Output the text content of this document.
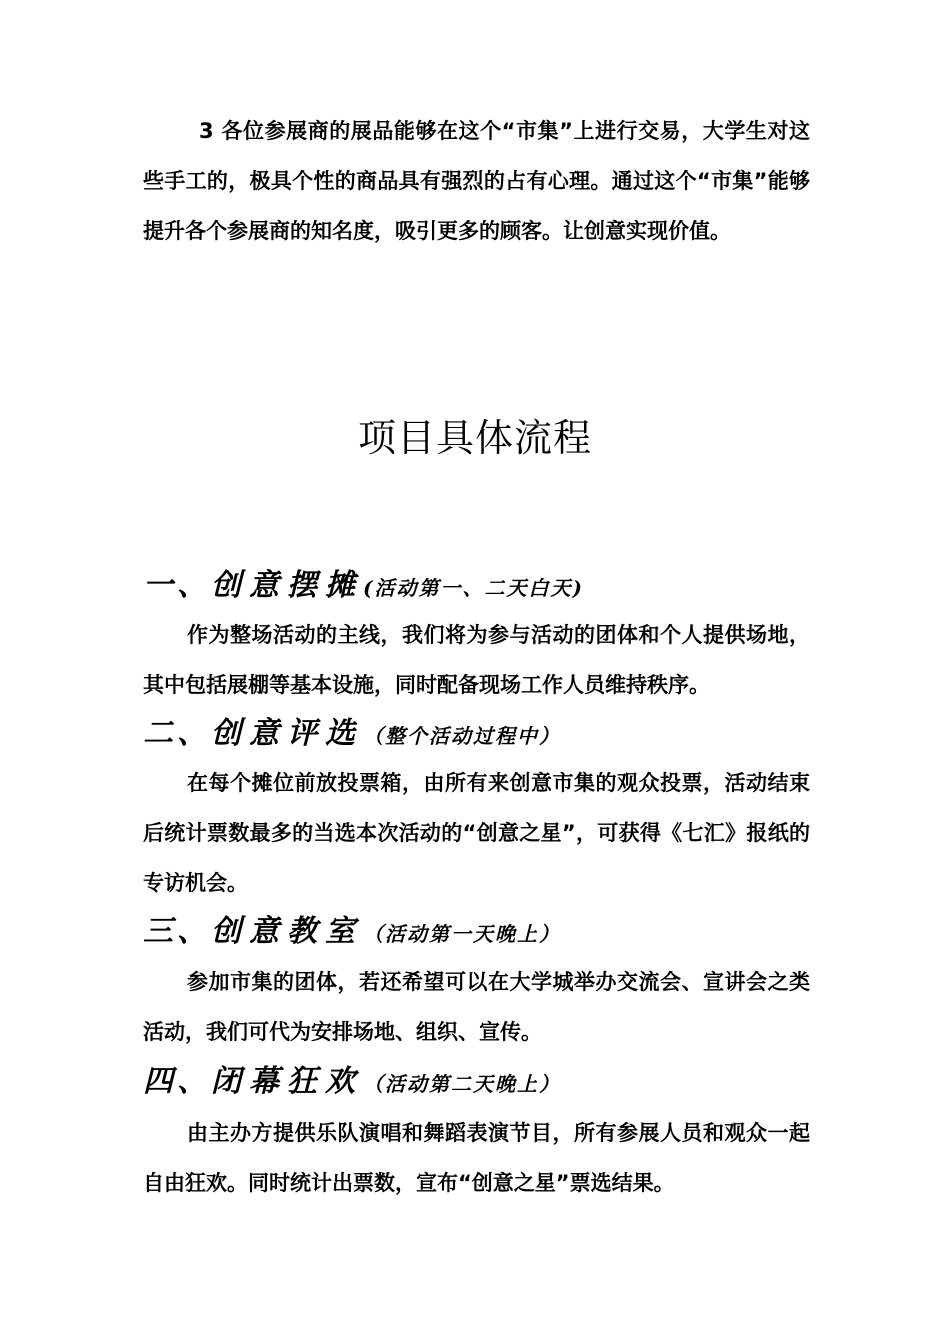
3 各位参展商的展品能够在这个“市集”上进行交易，大学生对这些手工的，极具个性的商品具有强烈的占有心理。通过这个“市集”能够提升各个参展商的知名度，吸引更多的顾客。让创意实现价值。

项目具体流程
一、创意摆摊(活动第一、二天白天)

作为整场活动的主线，我们将为参与活动的团体和个人提供场地，其中包括展棚等基本设施，同时配备现场工作人员维持秩序。

二、创意评选（整个活动过程中）

在每个摊位前放投票箱，由所有来创意市集的观众投票，活动结束后统计票数最多的当选本次活动的“创意之星”，可获得《七汇》报纸的专访机会。

三、创意教室（活动第一天晚上）

参加市集的团体，若还希望可以在大学城举办交流会、宣讲会之类活动，我们可代为安排场地、组织、宣传。

四、闭幕狂欢（活动第二天晚上）

由主办方提供乐队演唱和舞蹈表演节目，所有参展人员和观众一起自由狂欢。同时统计出票数，宣布“创意之星”票选结果。
